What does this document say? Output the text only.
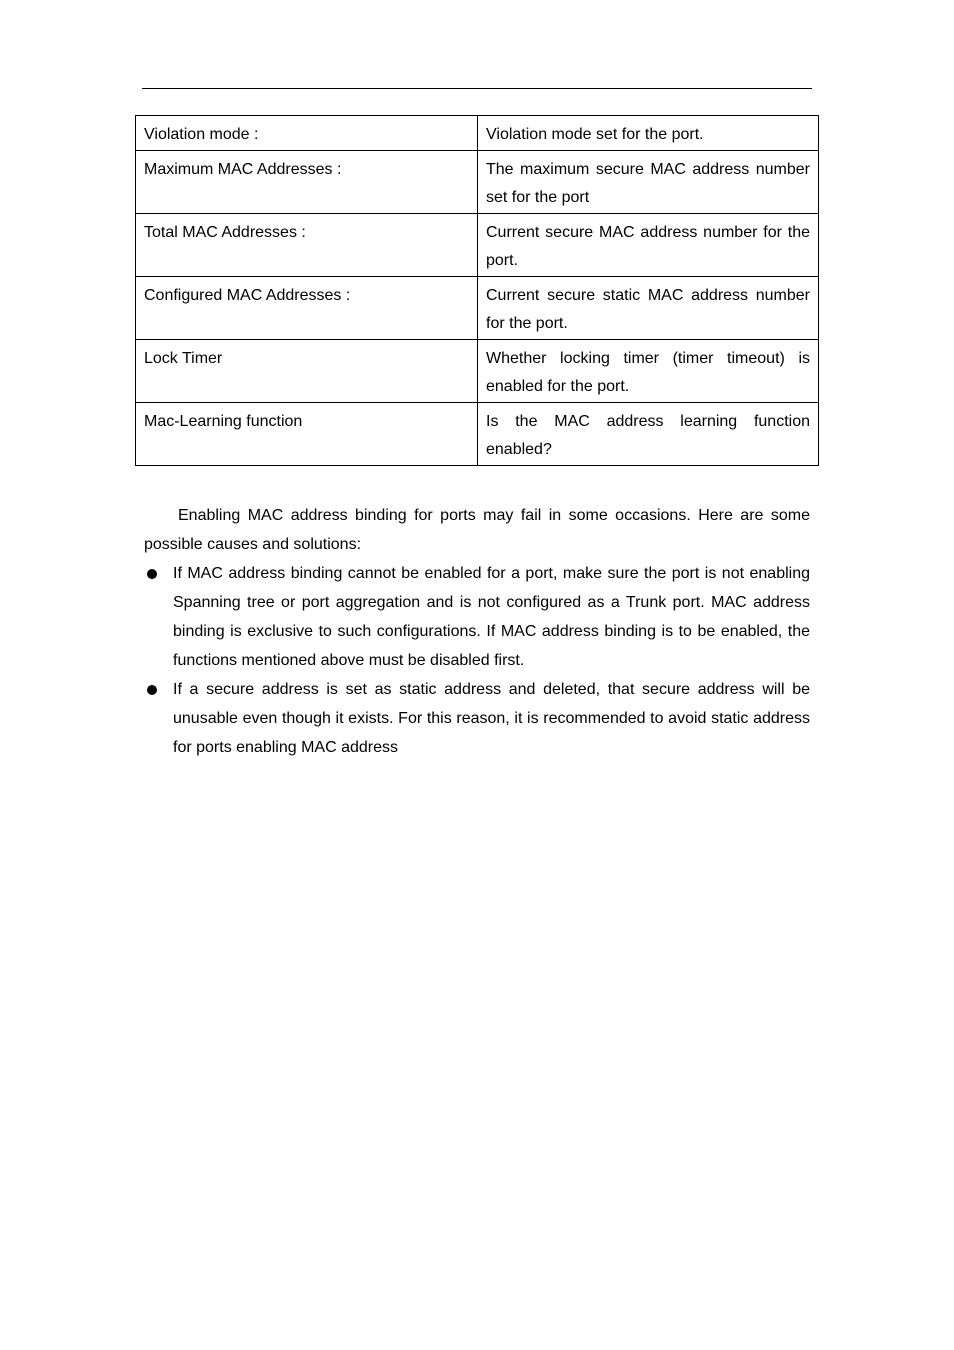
Violation mode :	Violation mode set for the port.
Maximum MAC Addresses :	The maximum secure MAC address number set for the port
Total MAC Addresses :	Current secure MAC address number for the port.
Configured MAC Addresses :	Current secure static MAC address number for the port.
Lock Timer	Whether locking timer (timer timeout) is enabled for the port.
Mac-Learning function	Is the MAC address learning function enabled?

Enabling MAC address binding for ports may fail in some occasions. Here are some possible causes and solutions:

If MAC address binding cannot be enabled for a port, make sure the port is not enabling Spanning tree or port aggregation and is not configured as a Trunk port. MAC address binding is exclusive to such configurations. If MAC address binding is to be enabled, the functions mentioned above must be disabled first.
If a secure address is set as static address and deleted, that secure address will be unusable even though it exists. For this reason, it is recommended to avoid static address for ports enabling MAC address
